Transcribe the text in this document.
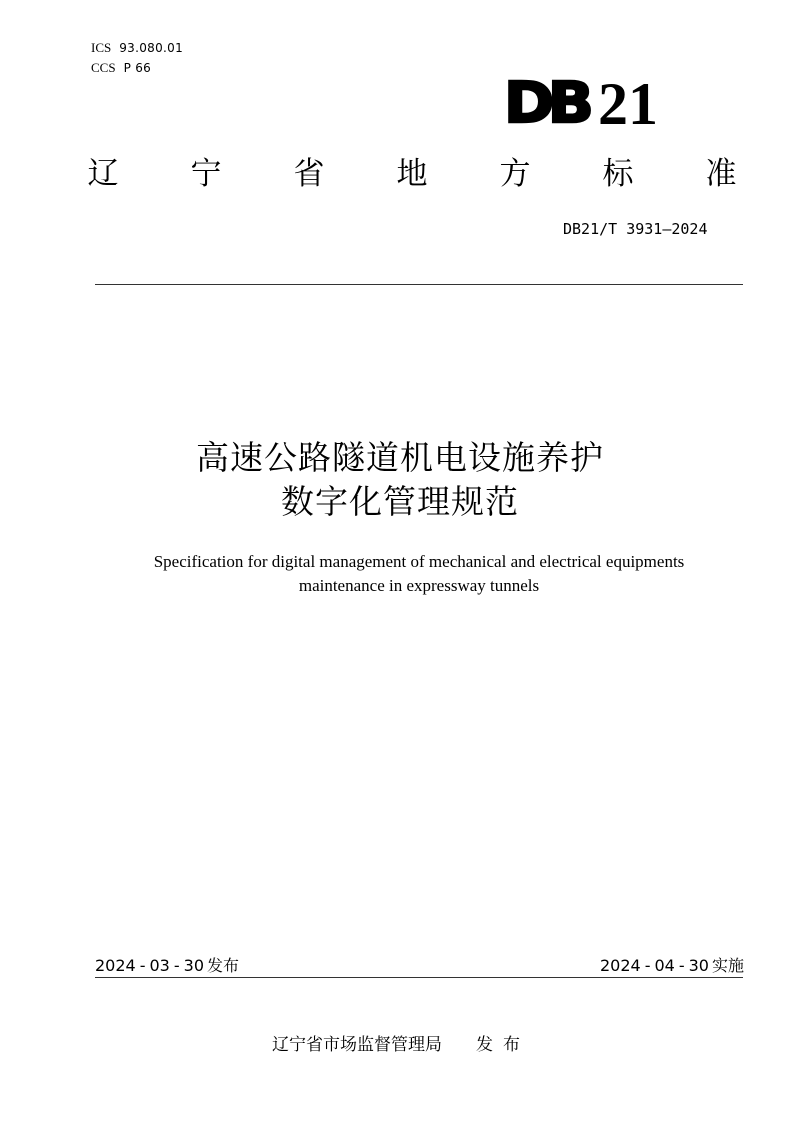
ICS 93.080.01
CCS P 66
DB 21
辽	宁	省	地	方	标	准
DB21/T 3931—2024
高速公路隧道机电设施养护
数字化管理规范
Specification for digital management of mechanical and electrical equipments
maintenance in expressway tunnels
2024 - 03 - 30 发布	2024 - 04 - 30 实施
辽宁省市场监督管理局 发布
